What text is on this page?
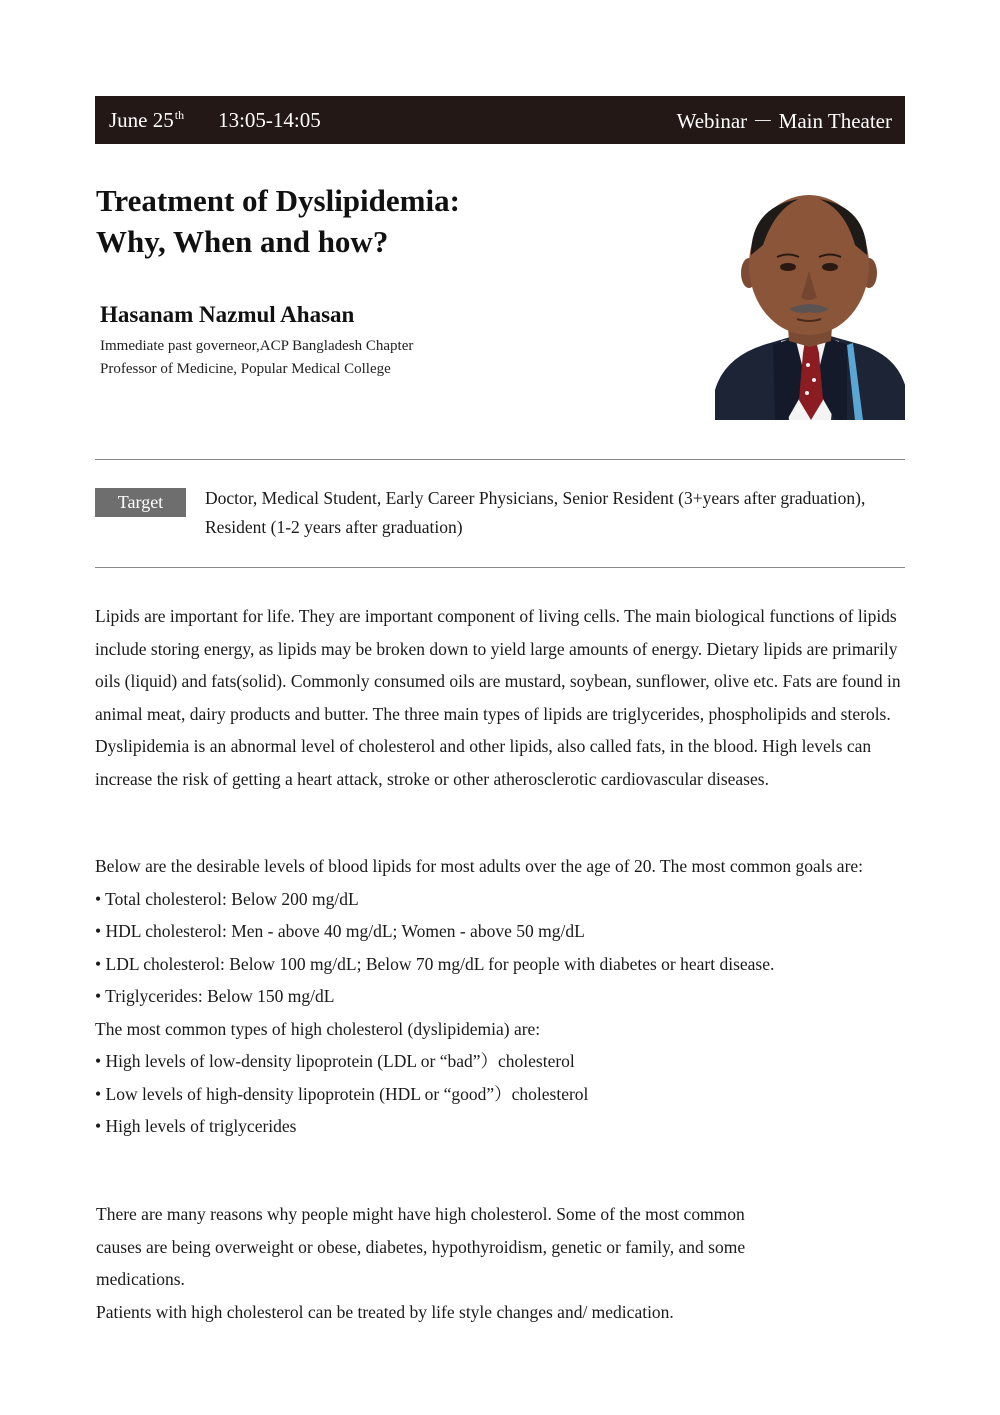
June 25th 13:05-14:05	Webinar － Main Theater
Treatment of Dyslipidemia:
Why, When and how?
Hasanam Nazmul Ahasan
Immediate past governeor,ACP Bangladesh Chapter
Professor of Medicine, Popular Medical College
Target	Doctor, Medical Student, Early Career Physicians, Senior Resident (3+years after graduation), Resident (1-2 years after graduation)

Lipids are important for life. They are important component of living cells. The main biological functions of lipids include storing energy, as lipids may be broken down to yield large amounts of energy. Dietary lipids are primarily oils (liquid) and fats(solid). Commonly consumed oils are mustard, soybean, sunflower, olive etc. Fats are found in animal meat, dairy products and butter. The three main types of lipids are triglycerides, phospholipids and sterols. Dyslipidemia is an abnormal level of cholesterol and other lipids, also called fats, in the blood. High levels can increase the risk of getting a heart attack, stroke or other atherosclerotic cardiovascular diseases.

Below are the desirable levels of blood lipids for most adults over the age of 20. The most common goals are:

• Total cholesterol: Below 200 mg/dL
• HDL cholesterol: Men - above 40 mg/dL; Women - above 50 mg/dL
• LDL cholesterol: Below 100 mg/dL; Below 70 mg/dL for people with diabetes or heart disease.
• Triglycerides: Below 150 mg/dL
The most common types of high cholesterol (dyslipidemia) are:
• High levels of low-density lipoprotein (LDL or “bad”）cholesterol
• Low levels of high-density lipoprotein (HDL or “good”）cholesterol
• High levels of triglycerides
There are many reasons why people might have high cholesterol. Some of the most common
causes are being overweight or obese, diabetes, hypothyroidism, genetic or family, and some
medications.
Patients with high cholesterol can be treated by life style changes and/ medication.
